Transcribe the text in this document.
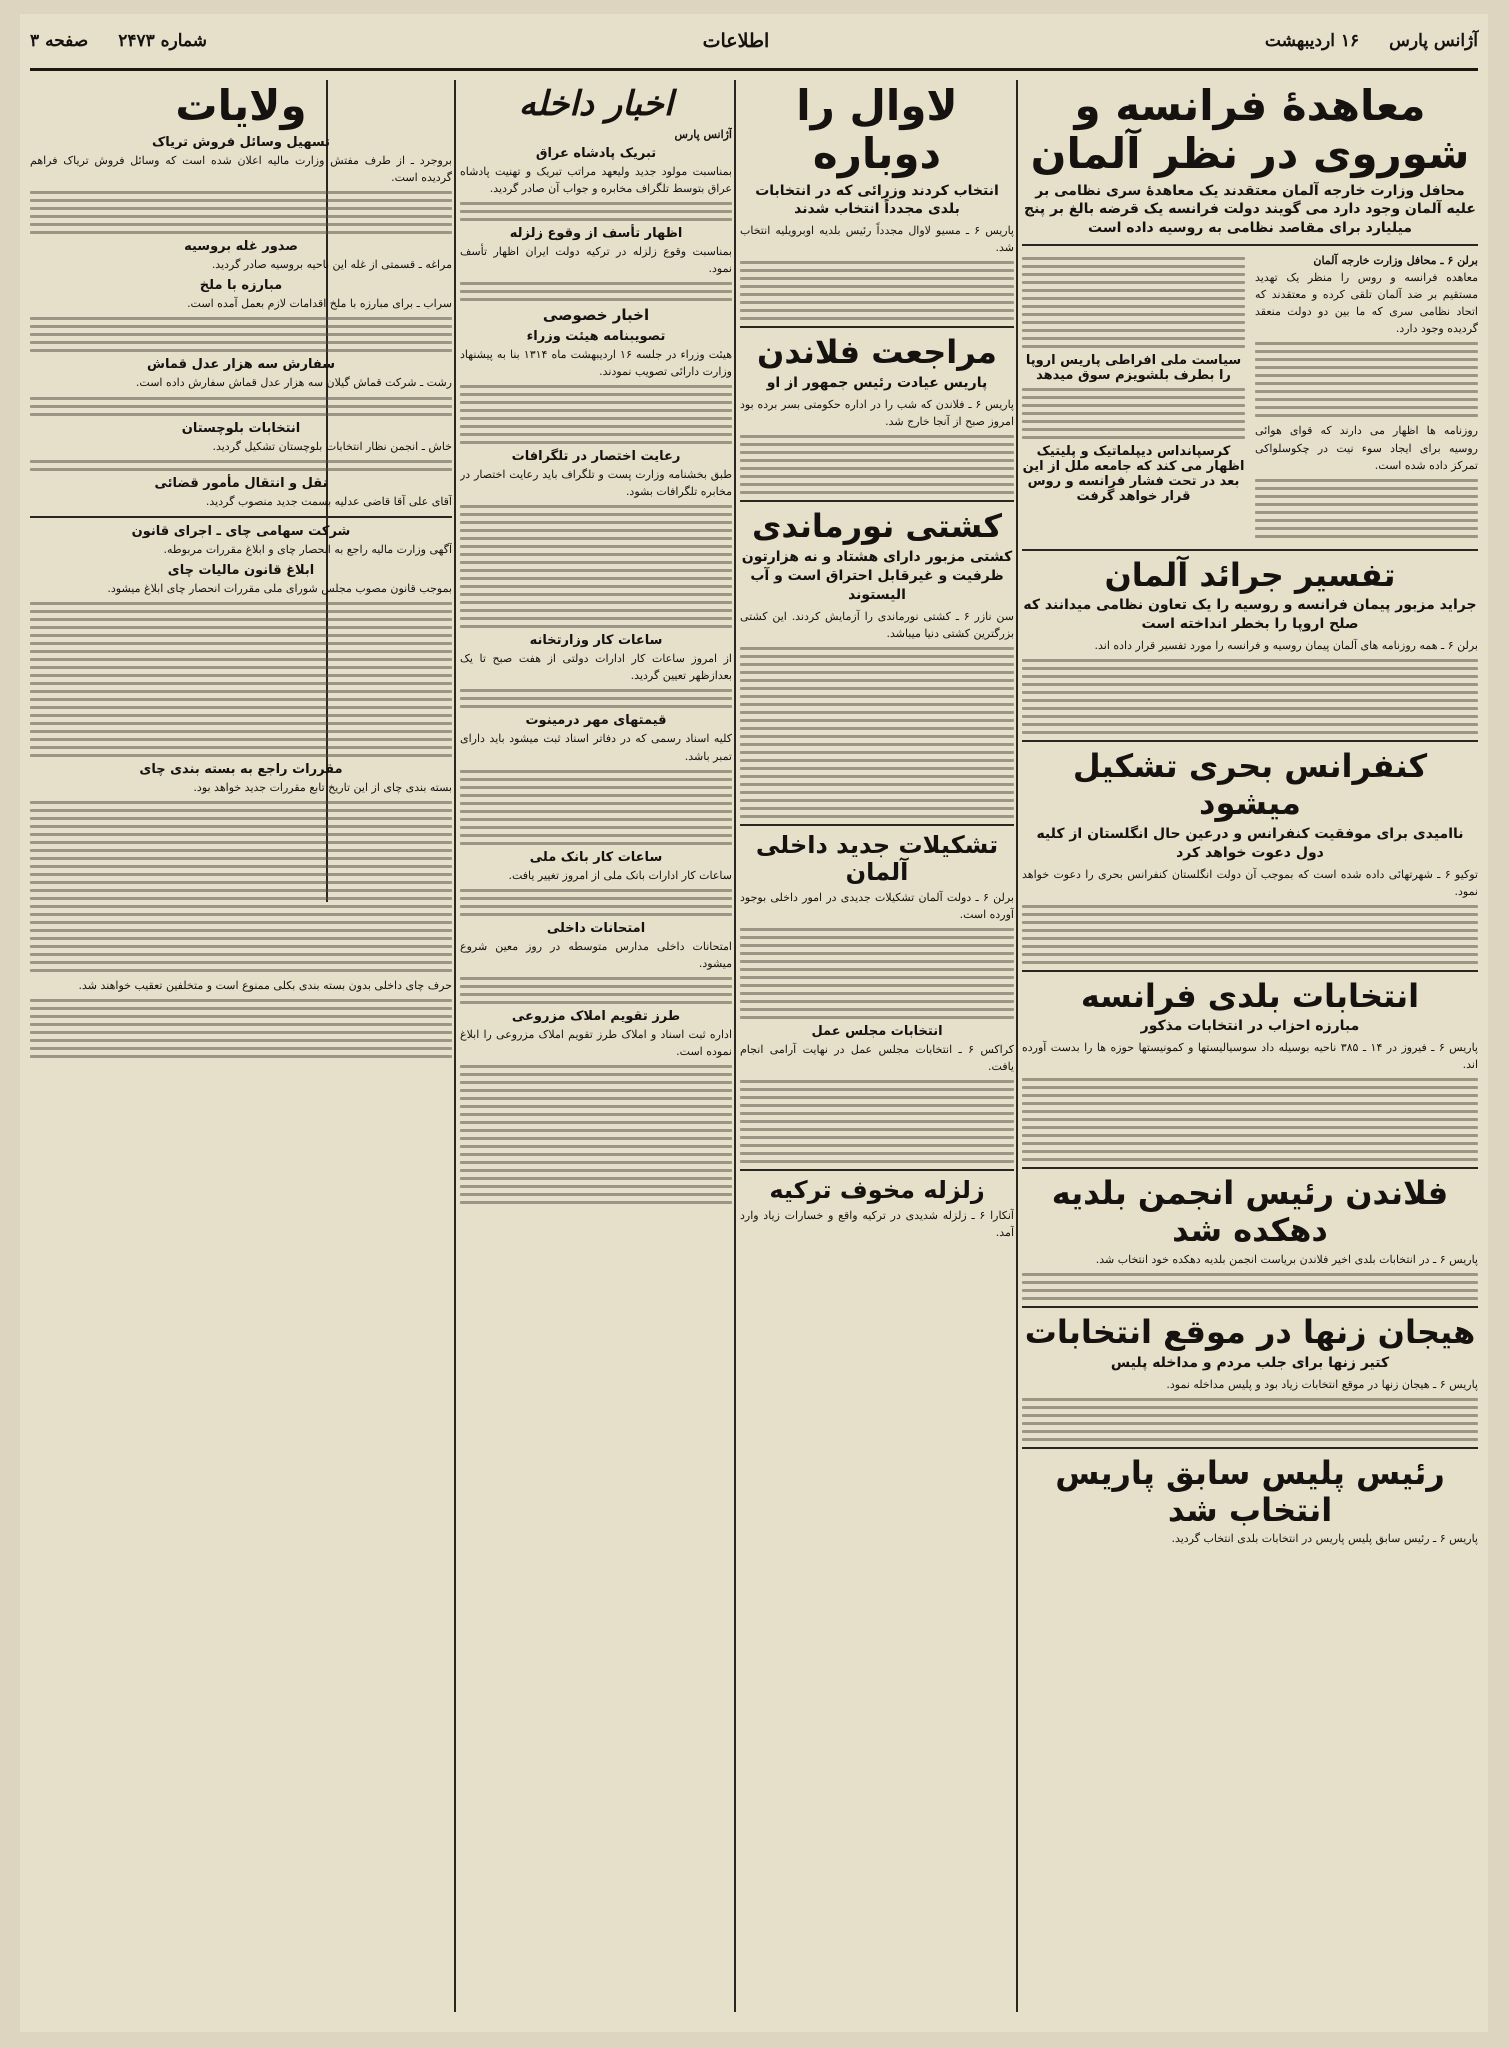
آژانس پارس
۱۶ اردیبهشت
اطلاعات
شماره ۲۴۷۳
صفحه ۳
معاهدهٔ فرانسه و شوروی در نظر آلمان
محافل وزارت خارجه آلمان معتقدند یک معاهدهٔ سری نظامی بر علیه آلمان وجود دارد می گویند دولت فرانسه یک قرضه بالغ بر پنج میلیارد برای مقاصد نظامی به روسیه داده است

برلن ۶ ـ محافل وزارت خارجه آلمان

معاهده فرانسه و روس را منظر یک تهدید مستقیم بر ضد آلمان تلقی کرده و معتقدند که اتحاد نظامی سری که ما بین دو دولت منعقد گردیده وجود دارد.

روزنامه ها اظهار می دارند که قوای هوائی روسیه برای ایجاد سوء نیت در چکوسلواکی تمرکز داده شده است.

سیاست ملی افراطی پاریس اروپا را بطرف بلشویزم سوق میدهد
کرسپانداس دیپلماتیک و پلیتیک اظهار می کند که جامعه ملل از این بعد در تحت فشار فرانسه و روس قرار خواهد گرفت
تفسیر جرائد آلمان
جراید مزبور پیمان فرانسه و روسیه را یک تعاون نظامی میدانند که صلح اروپا را بخطر انداخته است

برلن ۶ ـ همه روزنامه های آلمان پیمان روسیه و فرانسه را مورد تفسیر قرار داده اند.

کنفرانس بحری تشکیل میشود
ناامیدی برای موفقیت کنفرانس و درعین حال انگلستان از کلیه دول دعوت خواهد کرد

توکیو ۶ ـ شهرتهائی داده شده است که بموجب آن دولت انگلستان کنفرانس بحری را دعوت خواهد نمود.

انتخابات بلدی فرانسه
مبارزه احزاب در انتخابات مذکور

پاریس ۶ ـ فیروز در ۱۴ ـ ۳۸۵ ناحیه بوسیله داد سوسیالیستها و کمونیستها حوزه ها را بدست آورده اند.

فلاندن رئیس انجمن بلدیه دهکده شد

پاریس ۶ ـ در انتخابات بلدی اخیر فلاندن بریاست انجمن بلدیه دهکده خود انتخاب شد.

هیجان زنها در موقع انتخابات
کتیر زنها برای جلب مردم و مداخله پلیس

پاریس ۶ ـ هیجان زنها در موقع انتخابات زیاد بود و پلیس مداخله نمود.

رئیس پلیس سابق پاریس انتخاب شد

پاریس ۶ ـ رئیس سابق پلیس پاریس در انتخابات بلدی انتخاب گردید.

لاوال را دوباره
انتخاب کردند وزرائی که در انتخابات بلدی مجدداً انتخاب شدند

پاریس ۶ ـ مسیو لاوال مجدداً رئیس بلدیه اوبرویلیه انتخاب شد.

مراجعت فلاندن
پاریس عیادت رئیس جمهور از او

پاریس ۶ ـ فلاندن که شب را در اداره حکومتی بسر برده بود امروز صبح از آنجا خارج شد.

کشتی نورماندی
کشتی مزبور دارای هشتاد و نه هزارتون ظرفیت و غیرقابل احتراق است و آب الیستوند

سن نازر ۶ ـ کشتی نورماندی را آزمایش کردند. این کشتی بزرگترین کشتی دنیا میباشد.

تشکیلات جدید داخلی آلمان

برلن ۶ ـ دولت آلمان تشکیلات جدیدی در امور داخلی بوجود آورده است.

انتخابات مجلس عمل

کراکس ۶ ـ انتخابات مجلس عمل در نهایت آرامی انجام یافت.

زلزله مخوف ترکیه

آنکارا ۶ ـ زلزله شدیدی در ترکیه واقع و خسارات زیاد وارد آمد.

اخبار داخله
آژانس پارس
تبریک پادشاه عراق

بمناسبت مولود جدید ولیعهد مراتب تبریک و تهنیت پادشاه عراق بتوسط تلگراف مخابره و جواب آن صادر گردید.

اظهار تأسف از وقوع زلزله

بمناسبت وقوع زلزله در ترکیه دولت ایران اظهار تأسف نمود.

اخبار خصوصی
تصویبنامه هیئت وزراء

هیئت وزراء در جلسه ۱۶ اردیبهشت ماه ۱۳۱۴ بنا به پیشنهاد وزارت دارائی تصویب نمودند.

رعایت اختصار در تلگرافات

طبق بخشنامه وزارت پست و تلگراف باید رعایت اختصار در مخابره تلگرافات بشود.

ساعات کار وزارتخانه

از امروز ساعات کار ادارات دولتی از هفت صبح تا یک بعدازظهر تعیین گردید.

قیمتهای مهر درمینوت

کلیه اسناد رسمی که در دفاتر اسناد ثبت میشود باید دارای تمبر باشد.

ساعات کار بانک ملی

ساعات کار ادارات بانک ملی از امروز تغییر یافت.

امتحانات داخلی

امتحانات داخلی مدارس متوسطه در روز معین شروع میشود.

طرز تقویم املاک مزروعی

اداره ثبت اسناد و املاک طرز تقویم املاک مزروعی را ابلاغ نموده است.

ولایات
تسهیل وسائل فروش تریاک

بروجرد ـ از طرف مفتش وزارت مالیه اعلان شده است که وسائل فروش تریاک فراهم گردیده است.

صدور غله بروسیه

مراغه ـ قسمتی از غله این ناحیه بروسیه صادر گردید.

مبارزه با ملخ

سراب ـ برای مبارزه با ملخ اقدامات لازم بعمل آمده است.

سفارش سه هزار عدل قماش

رشت ـ شرکت قماش گیلان سه هزار عدل قماش سفارش داده است.

انتخابات بلوچستان

خاش ـ انجمن نظار انتخابات بلوچستان تشکیل گردید.

نقل و انتقال مأمور قضائی

آقای علی آقا قاضی عدلیه بسمت جدید منصوب گردید.

شرکت سهامی چای ـ اجرای قانون

آگهی وزارت مالیه راجع به انحصار چای و ابلاغ مقررات مربوطه.

ابلاغ قانون مالیات چای

بموجب قانون مصوب مجلس شورای ملی مقررات انحصار چای ابلاغ میشود.

مقررات راجع به بسته بندی چای

بسته بندی چای از این تاریخ تابع مقررات جدید خواهد بود.

حرف چای داخلی بدون بسته بندی بکلی ممنوع است و متخلفین تعقیب خواهند شد.
